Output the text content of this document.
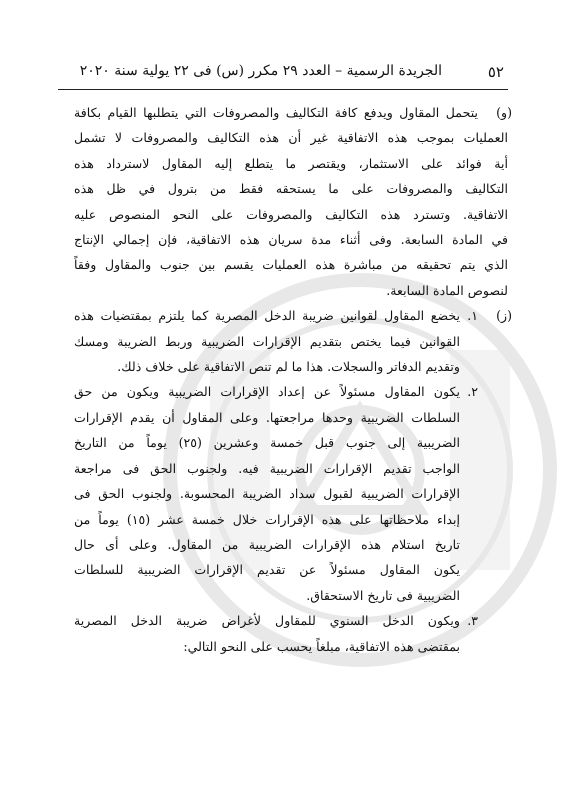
٥٢
الجريدة الرسمية – العدد ٢٩ مكرر (س) فى ٢٢ يولية سنة ٢٠٢٠
(و)
يتحمل المقاول ويدفع كافة التكاليف والمصروفات التي يتطلبها القيام بكافة
العمليات بموجب هذه الاتفاقية غير أن هذه التكاليف والمصروفات لا تشمل
أية فوائد على الاستثمار، ويقتصر ما يتطلع إليه المقاول لاسترداد هذه
التكاليف والمصروفات على ما يستحقه فقط من بترول في ظل هذه
الاتفاقية. وتسترد هذه التكاليف والمصروفات على النحو المنصوص عليه
في المادة السابعة. وفى أثناء مدة سريان هذه الاتفاقية، فإن إجمالي الإنتاج
الذي يتم تحقيقه من مباشرة هذه العمليات يقسم بين جنوب والمقاول وفقاً
لنصوص المادة السابعة.
(ز)
١.
يخضع المقاول لقوانين ضريبة الدخل المصرية كما يلتزم بمقتضيات هذه
القوانين فيما يختص بتقديم الإقرارات الضريبية وربط الضريبة ومسك
وتقديم الدفاتر والسجلات. هذا ما لم تنص الاتفاقية على خلاف ذلك.
٢.
يكون المقاول مسئولاً عن إعداد الإقرارات الضريبية ويكون من حق
السلطات الضريبية وحدها مراجعتها. وعلى المقاول أن يقدم الإقرارات
الضريبية إلى جنوب قبل خمسة وعشرين (٢٥) يوماً من التاريخ
الواجب تقديم الإقرارات الضريبية فيه. ولجنوب الحق فى مراجعة
الإقرارات الضريبية لقبول سداد الضريبة المحسوبة. ولجنوب الحق فى
إبداء ملاحظاتها على هذه الإقرارات خلال خمسة عشر (١٥) يوماً من
تاريخ استلام هذه الإقرارات الضريبية من المقاول. وعلى أى حال
يكون المقاول مسئولاً عن تقديم الإقرارات الضريبية للسلطات
الضريبية فى تاريخ الاستحقاق.
٣.
ويكون الدخل السنوي للمقاول لأغراض ضريبة الدخل المصرية
بمقتضى هذه الاتفاقية، مبلغاً يحسب على النحو التالي:
